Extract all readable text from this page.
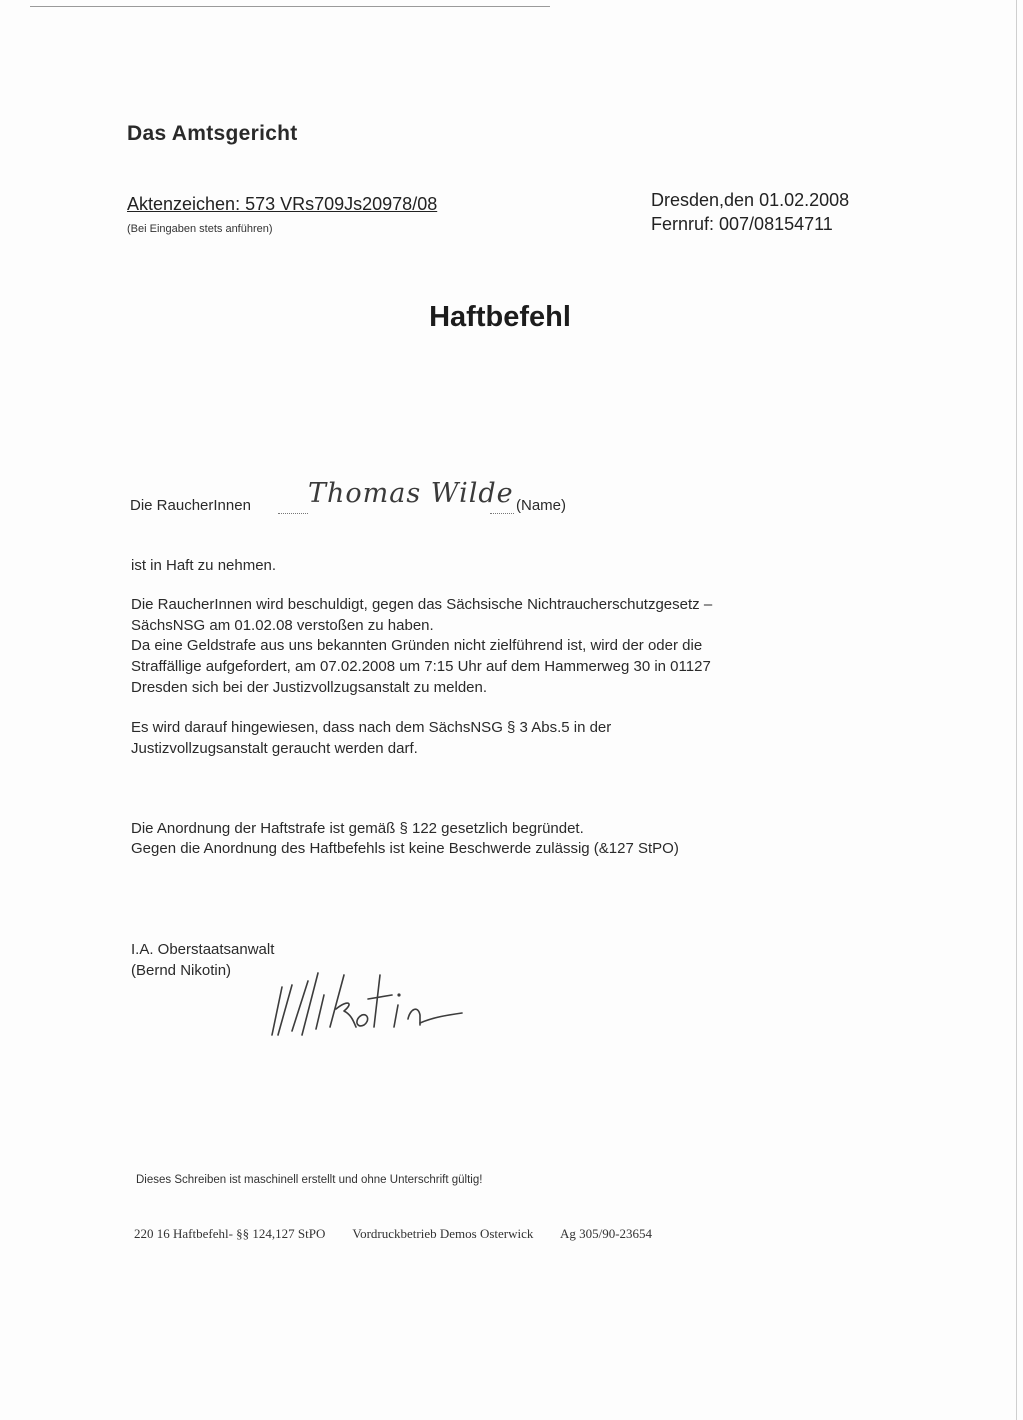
Das Amtsgericht
Aktenzeichen: 573 VRs709Js20978/08
(Bei Eingaben stets anführen)
Dresden,den 01.02.2008
Fernruf: 007/08154711
Haftbefehl
Die RaucherInnen Thomas Wilde (Name)
ist in Haft zu nehmen.
Die RaucherInnen wird beschuldigt, gegen das Sächsische Nichtraucherschutzgesetz –
SächsNSG am 01.02.08 verstoßen zu haben.
Da eine Geldstrafe aus uns bekannten Gründen nicht zielführend ist, wird der oder die
Straffällige aufgefordert, am 07.02.2008 um 7:15 Uhr auf dem Hammerweg 30 in 01127
Dresden sich bei der Justizvollzugsanstalt zu melden.
Es wird darauf hingewiesen, dass nach dem SächsNSG § 3 Abs.5 in der
Justizvollzugsanstalt geraucht werden darf.
Die Anordnung der Haftstrafe ist gemäß § 122 gesetzlich begründet.
Gegen die Anordnung des Haftbefehls ist keine Beschwerde zulässig (&127 StPO)
I.A. Oberstaatsanwalt
(Bernd Nikotin)
Dieses Schreiben ist maschinell erstellt und ohne Unterschrift gültig!
220 16 Haftbefehl- §§ 124,127 StPO Vordruckbetrieb Demos Osterwick Ag 305/90-23654
